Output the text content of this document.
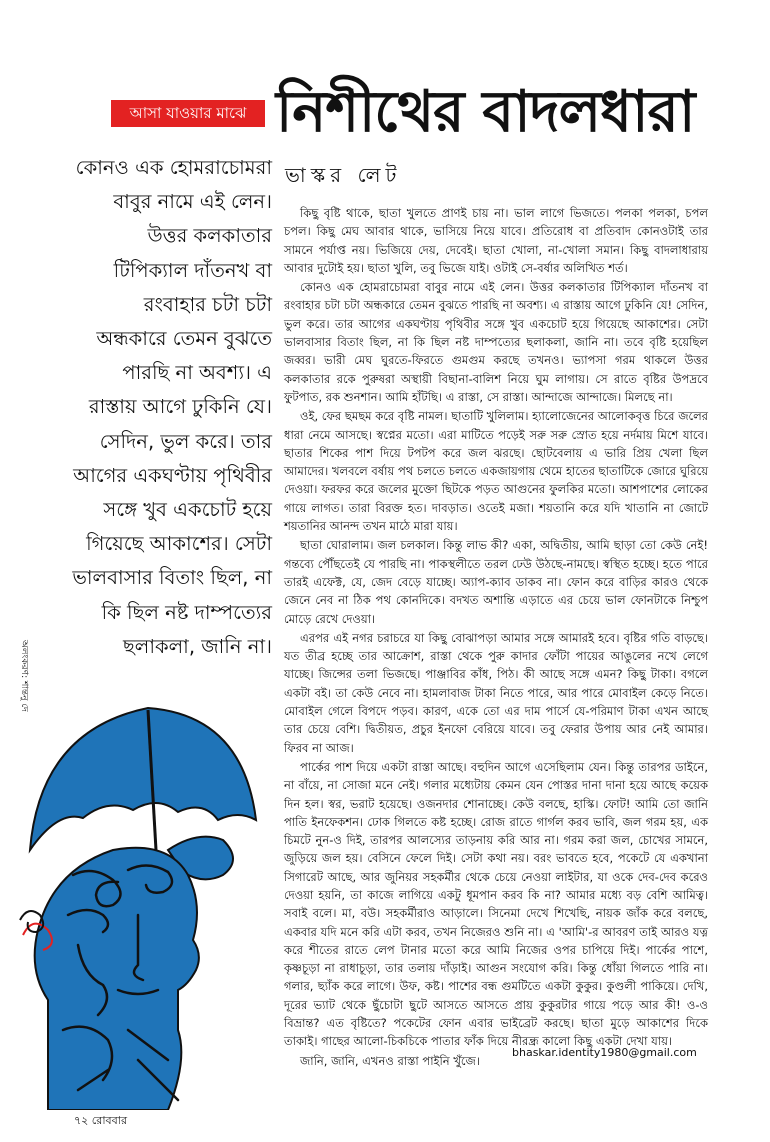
আসা যাওয়ার মাঝে নিশীথের বাদলধারা
ভাস্কর লেট
কোনও এক হোমরাচোমরা বাবুর নামে এই লেন। উত্তর কলকাতার টিপিক্যাল দাঁতনখ বা রংবাহার চটা চটা অন্ধকারে তেমন বুঝতে পারছি না অবশ্য। এ রাস্তায় আগে ঢুকিনি যে। সেদিন, ভুল করে। তার আগের একঘণ্টায় পৃথিবীর সঙ্গে খুব একচোট হয়ে গিয়েছে আকাশের। সেটা ভালবাসার বিতাং ছিল, না কি ছিল নষ্ট দাম্পত্যের ছলাকলা, জানি না।
অলংকরণ: শান্তনু দে

কিছু বৃষ্টি থাকে, ছাতা খুলতে প্রাণই চায় না। ভাল লাগে ভিজতে। পলকা পলকা, চপল চপল। কিছু মেঘ আবার থাকে, ভাসিয়ে নিয়ে যাবে। প্রতিরোধ বা প্রতিবাদ কোনওটাই তার সামনে পর্যাপ্ত নয়। ভিজিয়ে দেয়, দেবেই। ছাতা খোলা, না-খোলা সমান। কিছু বাদলাধারায় আবার দুটোই হয়। ছাতা খুলি, তবু ভিজে যাই। ওটাই সে-বর্ষার অলিখিত শর্ত।

কোনও এক হোমরাচোমরা বাবুর নামে এই লেন। উত্তর কলকাতার টিপিক্যাল দাঁতনখ বা রংবাহার চটা চটা অন্ধকারে তেমন বুঝতে পারছি না অবশ্য। এ রাস্তায় আগে ঢুকিনি যে! সেদিন, ভুল করে। তার আগের একঘণ্টায় পৃথিবীর সঙ্গে খুব একচোট হয়ে গিয়েছে আকাশের। সেটা ভালবাসার বিতাং ছিল, না কি ছিল নষ্ট দাম্পত্যের ছলাকলা, জানি না। তবে বৃষ্টি হয়েছিল জব্বর। ভারী মেঘ ঘুরতে-ফিরতে গুমগুম করছে তখনও। ভ্যাপসা গরম থাকলে উত্তর কলকাতার রকে পুরুষরা অস্থায়ী বিছানা-বালিশ নিয়ে ঘুম লাগায়। সে রাতে বৃষ্টির উপদ্রবে ফুটপাত, রক শুনশান। আমি হাঁটছি। এ রাস্তা, সে রাস্তা। আন্দাজে আন্দাজে। মিলছে না।

ওই, ফের ছমছম করে বৃষ্টি নামল। ছাতাটি খুলিলাম। হ্যালোজেনের আলোকবৃত্ত চিরে জলের ধারা নেমে আসছে। স্বপ্নের মতো। এরা মাটিতে পড়েই সরু সরু স্রোত হয়ে নর্দমায় মিশে যাবে। ছাতার শিকের পাশ দিয়ে টপটপ করে জল ঝরছে। ছোটবেলায় এ ভারি প্রিয় খেলা ছিল আমাদের। খলবলে বর্ষায় পথ চলতে চলতে একজায়গায় থেমে হাতের ছাতাটিকে জোরে ঘুরিয়ে দেওয়া। ফরফর করে জলের মুক্তো ছিটকে পড়ত আগুনের ফুলকির মতো। আশপাশের লোকের গায়ে লাগত। তারা বিরক্ত হত। দাবড়াত। ওতেই মজা। শয়তানি করে যদি খাতানি না জোটে শয়তানির আনন্দ তখন মাঠে মারা যায়।

ছাতা ঘোরালাম। জল চলকাল। কিন্তু লাভ কী? একা, অদ্বিতীয়, আমি ছাড়া তো কেউ নেই! গন্তব্যে পৌঁছতেই যে পারছি না। পাকস্থলীতে তরল ঢেউ উঠছে-নামছে। স্বস্থিত হচ্ছে। হতে পারে তারই এফেক্ট, যে, জেদ বেড়ে যাচ্ছে। অ্যাপ-ক্যাব ডাকব না। ফোন করে বাড়ির কারও থেকে জেনে নেব না ঠিক পথ কোনদিকে। বদখত অশান্তি এড়াতে এর চেয়ে ভাল ফোনটাকে নিশ্চুপ মোড়ে রেখে দেওয়া।

এরপর এই নগর চরাচরে যা কিছু বোঝাপড়া আমার সঙ্গে আমারই হবে। বৃষ্টির গতি বাড়ছে। যত তীব্র হচ্ছে তার আক্রোশ, রাস্তা থেকে পুরু কাদার ফোঁটা পায়ের আঙুলের নখে লেগে যাচ্ছে। জিন্সের তলা ভিজছে। পাঞ্জাবির কাঁধ, পিঠ। কী আছে সঙ্গে এমন? কিছু টাকা। বগলে একটা বই। তা কেউ নেবে না। হামলাবাজ টাকা নিতে পারে, আর পারে মোবাইল কেড়ে নিতে। মোবাইল গেলে বিপদে পড়ব। কারণ, একে তো এর দাম পার্সে যে-পরিমাণ টাকা এখন আছে তার চেয়ে বেশি। দ্বিতীয়ত, প্রচুর ইনফো বেরিয়ে যাবে। তবু ফেরার উপায় আর নেই আমার। ফিরব না আজ।

পার্কের পাশ দিয়ে একটা রাস্তা আছে। বহুদিন আগে এসেছিলাম যেন। কিন্তু তারপর ডাইনে, না বাঁয়ে, না সোজা মনে নেই। গলার মধ্যেটায় কেমন যেন পোস্তর দানা দানা হয়ে আছে কয়েক দিন হল। স্বর, ভরাট হয়েছে। ওজনদার শোনাচ্ছে। কেউ বলছে, হাস্কি। ফোট! আমি তো জানি পাতি ইনফেকশন। ঢোক গিলতে কষ্ট হচ্ছে। রোজ রাতে গার্গল করব ভাবি, জল গরম হয়, এক চিমটে নুন-ও দিই, তারপর আলস্যের তাড়নায় করি আর না। গরম করা জল, চোখের সামনে, জুড়িয়ে জল হয়। বেসিনে ফেলে দিই। সেটা কথা নয়। বরং ভাবতে হবে, পকেটে যে একখানা সিগারেট আছে, আর জুনিয়র সহকর্মীর থেকে চেয়ে নেওয়া লাইটার, যা ওকে দেব-দেব করেও দেওয়া হয়নি, তা কাজে লাগিয়ে একটু ধূমপান করব কি না? আমার মধ্যে বড় বেশি আমিত্ব। সবাই বলে। মা, বউ। সহকর্মীরাও আড়ালে। সিনেমা দেখে শিখেছি, নায়ক জাঁক করে বলছে, একবার যদি মনে করি এটা করব, তখন নিজেরও শুনি না। এ 'আমি'-র আবরণ তাই আরও যত্ন করে শীতের রাতে লেপ টানার মতো করে আমি নিজের ওপর চাপিয়ে দিই। পার্কের পাশে, কৃষ্ণচূড়া না রাধাচূড়া, তার তলায় দাঁড়াই। আগুন সংযোগ করি। কিন্তু ধোঁয়া গিলতে পারি না। গলার, ছ্যাঁক করে লাগে। উফ, কষ্ট। পাশের বন্ধ গুমটিতে একটা কুকুর। কুণ্ডলী পাকিয়ে। দেখি, দূরের ভ্যাট থেকে ছুঁচোটা ছুটে আসতে আসতে প্রায় কুকুরটার গায়ে পড়ে আর কী! ও-ও বিভ্রান্ত? এত বৃষ্টিতে? পকেটের ফোন এবার ভাইব্রেট করছে। ছাতা মুড়ে আকাশের দিকে তাকাই। গাছের আলো-চিকচিকে পাতার ফাঁক দিয়ে নীরন্ধ্র কালো কিছু একটা দেখা যায়।

জানি, জানি, এখনও রাস্তা পাইনি খুঁজে।

bhaskar.identity1980@gmail.com
৭২ রোববার
